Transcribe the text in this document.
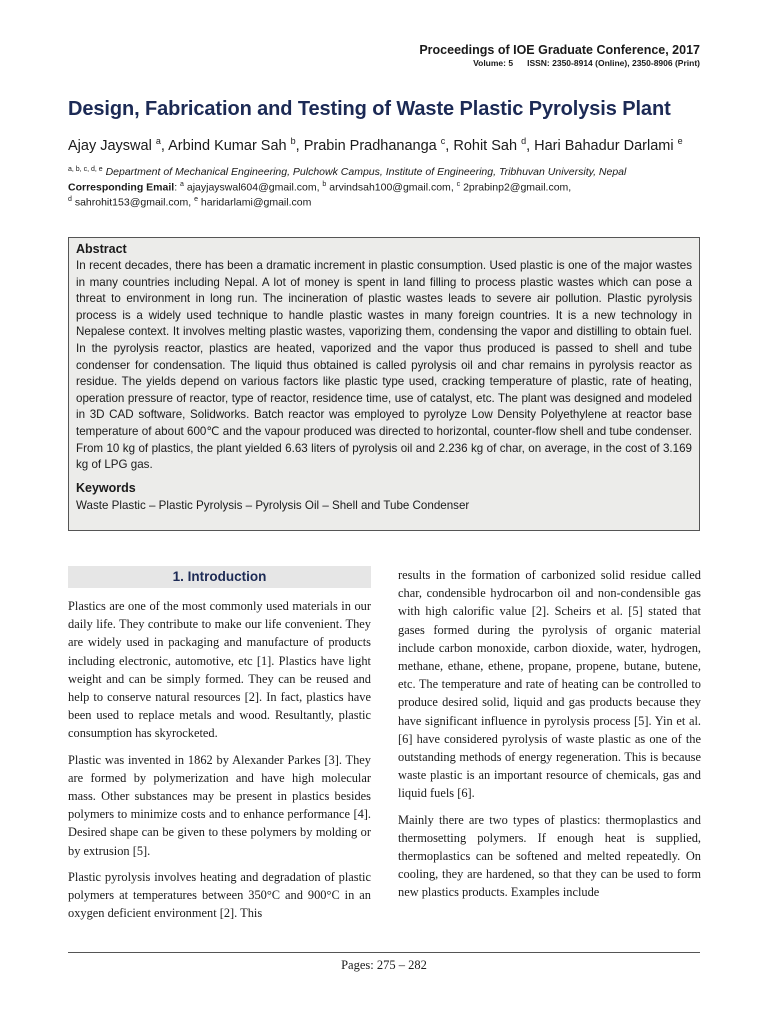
Proceedings of IOE Graduate Conference, 2017
Volume: 5 ISSN: 2350-8914 (Online), 2350-8906 (Print)
Design, Fabrication and Testing of Waste Plastic Pyrolysis Plant
Ajay Jayswal $^a$, Arbind Kumar Sah $^b$, Prabin Pradhananga $^c$, Rohit Sah $^d$, Hari Bahadur Darlami $^e$
$^{a, b, c, d, e}$ Department of Mechanical Engineering, Pulchowk Campus, Institute of Engineering, Tribhuvan University, Nepal
Corresponding Email: $^a$ ajayjayswal604@gmail.com, $^b$ arvindsah100@gmail.com, $^c$ 2prabinp2@gmail.com,
$^d$ sahrohit153@gmail.com, $^e$ haridarlami@gmail.com
Abstract
In recent decades, there has been a dramatic increment in plastic consumption. Used plastic is one of the major wastes in many countries including Nepal. A lot of money is spent in land filling to process plastic wastes which can pose a threat to environment in long run. The incineration of plastic wastes leads to severe air pollution. Plastic pyrolysis process is a widely used technique to handle plastic wastes in many foreign countries. It is a new technology in Nepalese context. It involves melting plastic wastes, vaporizing them, condensing the vapor and distilling to obtain fuel. In the pyrolysis reactor, plastics are heated, vaporized and the vapor thus produced is passed to shell and tube condenser for condensation. The liquid thus obtained is called pyrolysis oil and char remains in pyrolysis reactor as residue. The yields depend on various factors like plastic type used, cracking temperature of plastic, rate of heating, operation pressure of reactor, type of reactor, residence time, use of catalyst, etc. The plant was designed and modeled in 3D CAD software, Solidworks. Batch reactor was employed to pyrolyze Low Density Polyethylene at reactor base temperature of about 600℃ and the vapour produced was directed to horizontal, counter-flow shell and tube condenser. From 10 kg of plastics, the plant yielded 6.63 liters of pyrolysis oil and 2.236 kg of char, on average, in the cost of 3.169 kg of LPG gas.
Keywords
Waste Plastic – Plastic Pyrolysis – Pyrolysis Oil – Shell and Tube Condenser
1. Introduction

Plastics are one of the most commonly used materials in our daily life. They contribute to make our life convenient. They are widely used in packaging and manufacture of products including electronic, automotive, etc [1]. Plastics have light weight and can be simply formed. They can be reused and help to conserve natural resources [2]. In fact, plastics have been used to replace metals and wood. Resultantly, plastic consumption has skyrocketed.

Plastic was invented in 1862 by Alexander Parkes [3]. They are formed by polymerization and have high molecular mass. Other substances may be present in plastics besides polymers to minimize costs and to enhance performance [4]. Desired shape can be given to these polymers by molding or by extrusion [5].

Plastic pyrolysis involves heating and degradation of plastic polymers at temperatures between 350°C and 900°C in an oxygen deficient environment [2]. This

results in the formation of carbonized solid residue called char, condensible hydrocarbon oil and non-condensible gas with high calorific value [2]. Scheirs et al. [5] stated that gases formed during the pyrolysis of organic material include carbon monoxide, carbon dioxide, water, hydrogen, methane, ethane, ethene, propane, propene, butane, butene, etc. The temperature and rate of heating can be controlled to produce desired solid, liquid and gas products because they have significant influence in pyrolysis process [5]. Yin et al. [6] have considered pyrolysis of waste plastic as one of the outstanding methods of energy regeneration. This is because waste plastic is an important resource of chemicals, gas and liquid fuels [6].

Mainly there are two types of plastics: thermoplastics and thermosetting polymers. If enough heat is supplied, thermoplastics can be softened and melted repeatedly. On cooling, they are hardened, so that they can be used to form new plastics products. Examples include

Pages: 275 – 282
